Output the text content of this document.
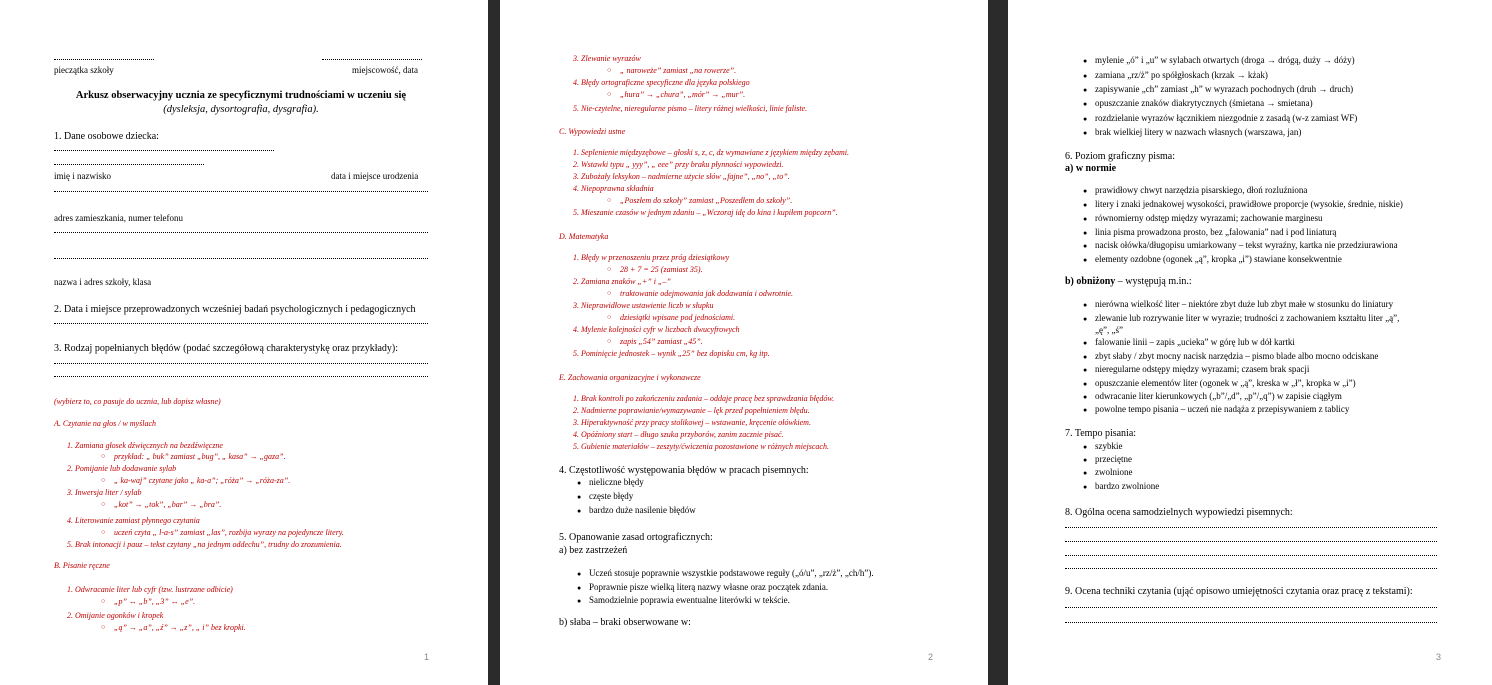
pieczątka szkoły	miejscowość, data
Arkusz obserwacyjny ucznia ze specyficznymi trudnościami w uczeniu się
(dysleksja, dysortografia, dysgrafia).
1. Dane osobowe dziecka:
imię i nazwisko	data i miejsce urodzenia
adres zamieszkania, numer telefonu
nazwa i adres szkoły, klasa
2. Data i miejsce przeprowadzonych wcześniej badań psychologicznych i pedagogicznych
3. Rodzaj popełnianych błędów (podać szczegółową charakterystykę oraz przykłady):
(wybierz to, co pasuje do ucznia, lub dopisz własne)
A. Czytanie na głos / w myślach
1. Zamiana głosek dźwięcznych na bezdźwięczne
○ przykład: „ buk” zamiast „bug”, „ kasa” → „gaza”.
2. Pomijanie lub dodawanie sylab
○ „ ka-waj” czytane jako „ ka-a”; „róża” → „róża-za”.
3. Inwersja liter / sylab
○ „kot” → „tok”, „bar” → „bra”.
4. Literowanie zamiast płynnego czytania
○ uczeń czyta „ l-a-s” zamiast „las”, rozbija wyrazy na pojedyncze litery.
5. Brak intonacji i pauz – tekst czytany „na jednym oddechu”, trudny do zrozumienia.
B. Pisanie ręczne
1. Odwracanie liter lub cyfr (tzw. lustrzane odbicie)
○ „p” ↔ „b”, „3” ↔ „e”.
2. Omijanie ogonków i kropek
○ „ą” → „a”, „ź” → „z”, „ i” bez kropki.
1
3. Zlewanie wyrazów
○ „ naroweże” zamiast „na rowerze”.
4. Błędy ortograficzne specyficzne dla języka polskiego
○ „hura” → „chura”, „mór” → „mur”.
5. Nie-czytelne, nieregularne pismo – litery różnej wielkości, linie faliste.
C. Wypowiedzi ustne
1. Seplenienie międzyzębowe – głoski s, z, c, dz wymawiane z językiem między zębami.
2. Wstawki typu „ yyy”, „ eee” przy braku płynności wypowiedzi.
3. Zubożały leksykon – nadmierne użycie słów „fajne”, „no”, „to”.
4. Niepoprawna składnia
○ „Poszłem do szkoły” zamiast „Poszedłem do szkoły”.
5. Mieszanie czasów w jednym zdaniu – „Wczoraj idę do kina i kupiłem popcorn”.
D. Matematyka
1. Błędy w przenoszeniu przez próg dziesiątkowy
○ 28 + 7 = 25 (zamiast 35).
2. Zamiana znaków „+” i „–”
○ traktowanie odejmowania jak dodawania i odwrotnie.
3. Nieprawidłowe ustawienie liczb w słupku
○ dziesiątki wpisane pod jednościami.
4. Mylenie kolejności cyfr w liczbach dwucyfrowych
○ zapis „54” zamiast „45”.
5. Pominięcie jednostek – wynik „25” bez dopisku cm, kg itp.
E. Zachowania organizacyjne i wykonawcze
1. Brak kontroli po zakończeniu zadania – oddaje pracę bez sprawdzania błędów.
2. Nadmierne poprawianie/wymazywanie – lęk przed popełnieniem błędu.
3. Hiperaktywność przy pracy stolikowej – wstawanie, kręcenie ołówkiem.
4. Opóźniony start – długo szuka przyborów, zanim zacznie pisać.
5. Gubienie materiałów – zeszyty/ćwiczenia pozostawione w różnych miejscach.
4. Częstotliwość występowania błędów w pracach pisemnych:
● nieliczne błędy
● częste błędy
● bardzo duże nasilenie błędów
5. Opanowanie zasad ortograficznych:
a) bez zastrzeżeń
● Uczeń stosuje poprawnie wszystkie podstawowe reguły („ó/u”, „rz/ż”, „ch/h”).
● Poprawnie pisze wielką literą nazwy własne oraz początek zdania.
● Samodzielnie poprawia ewentualne literówki w tekście.
b) słaba – braki obserwowane w:
2
● mylenie „ó” i „u” w sylabach otwartych (droga → drógą, duży → dóży)
● zamiana „rz/ż” po spółgłoskach (krzak → kżak)
● zapisywanie „ch” zamiast „h” w wyrazach pochodnych (druh → druch)
● opuszczanie znaków diakrytycznych (śmietana → smietana)
● rozdzielanie wyrazów łącznikiem niezgodnie z zasadą (w-z zamiast WF)
● brak wielkiej litery w nazwach własnych (warszawa, jan)
6. Poziom graficzny pisma:
a) w normie
● prawidłowy chwyt narzędzia pisarskiego, dłoń rozluźniona
● litery i znaki jednakowej wysokości, prawidłowe proporcje (wysokie, średnie, niskie)
● równomierny odstęp między wyrazami; zachowanie marginesu
● linia pisma prowadzona prosto, bez „falowania” nad i pod liniaturą
● nacisk ołówka/długopisu umiarkowany – tekst wyraźny, kartka nie przedziurawiona
● elementy ozdobne (ogonek „ą”, kropka „i”) stawiane konsekwentnie
b) obniżony – występują m.in.:
● nierówna wielkość liter – niektóre zbyt duże lub zbyt małe w stosunku do liniatury
● zlewanie lub rozrywanie liter w wyrazie; trudności z zachowaniem kształtu liter „ą”,
„ę”, „ś”
● falowanie linii – zapis „ucieka” w górę lub w dół kartki
● zbyt słaby / zbyt mocny nacisk narzędzia – pismo blade albo mocno odciskane
● nieregularne odstępy między wyrazami; czasem brak spacji
● opuszczanie elementów liter (ogonek w „ą”, kreska w „ł”, kropka w „i”)
● odwracanie liter kierunkowych („b”/„d”, „p”/„q”) w zapisie ciągłym
● powolne tempo pisania – uczeń nie nadąża z przepisywaniem z tablicy
7. Tempo pisania:
● szybkie
● przeciętne
● zwolnione
● bardzo zwolnione
8. Ogólna ocena samodzielnych wypowiedzi pisemnych:
9. Ocena techniki czytania (ująć opisowo umiejętności czytania oraz pracę z tekstami):
3
